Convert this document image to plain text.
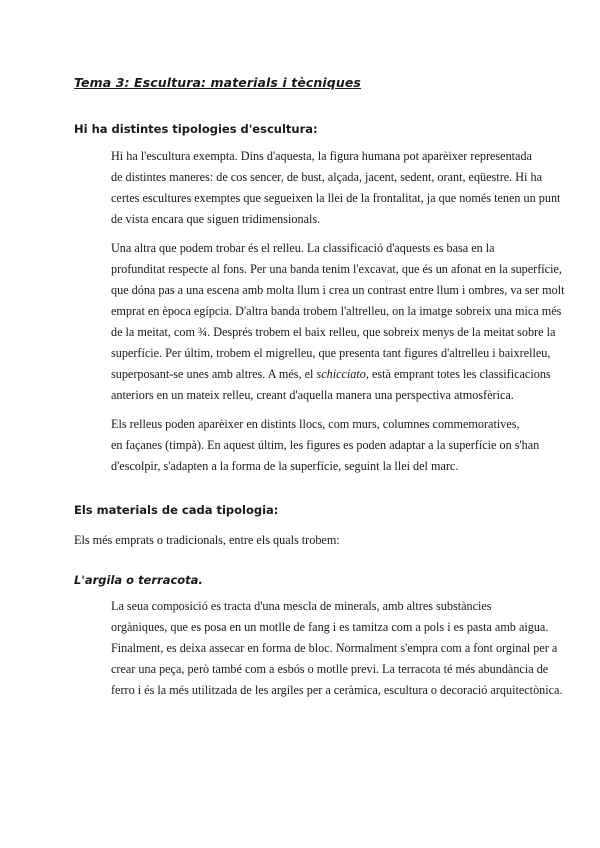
Tema 3: Escultura: materials i tècniques
Hi ha distintes tipologies d'escultura:

Hi ha l'escultura exempta. Dins d'aquesta, la figura humana pot aparèixer representada
de distintes maneres: de cos sencer, de bust, alçada, jacent, sedent, orant, eqüestre. Hi ha
certes escultures exemptes que segueixen la llei de la frontalitat, ja que només tenen un punt
de vista encara que siguen tridimensionals.

Una altra que podem trobar és el relleu. La classificació d'aquests es basa en la
profunditat respecte al fons. Per una banda tenim l'excavat, que és un afonat en la superfície,
que dóna pas a una escena amb molta llum i crea un contrast entre llum i ombres, va ser molt
emprat en època egípcia. D'altra banda trobem l'altrelleu, on la imatge sobreix una mica més
de la meitat, com ¾. Després trobem el baix relleu, que sobreix menys de la meitat sobre la
superfície. Per últim, trobem el migrelleu, que presenta tant figures d'altrelleu i baixrelleu,
superposant-se unes amb altres. A més, el schicciato, està emprant totes les classificacions
anteriors en un mateix relleu, creant d'aquella manera una perspectiva atmosfèrica.

Els relleus poden aparèixer en distints llocs, com murs, columnes commemoratives,
en façanes (timpà). En aquest últim, les figures es poden adaptar a la superfície on s'han
d'escolpir, s'adapten a la forma de la superfície, seguint la llei del marc.

Els materials de cada tipologia:

Els més emprats o tradicionals, entre els quals trobem:

L'argila o terracota.

La seua composició es tracta d'una mescla de minerals, amb altres substàncies
orgàniques, que es posa en un motlle de fang i es tamitza com a pols i es pasta amb aigua.
Finalment, es deixa assecar en forma de bloc. Normalment s'empra com a font orginal per a
crear una peça, però també com a esbós o motlle previ. La terracota té més abundància de
ferro i és la més utilitzada de les argiles per a ceràmica, escultura o decoració arquitectònica.
